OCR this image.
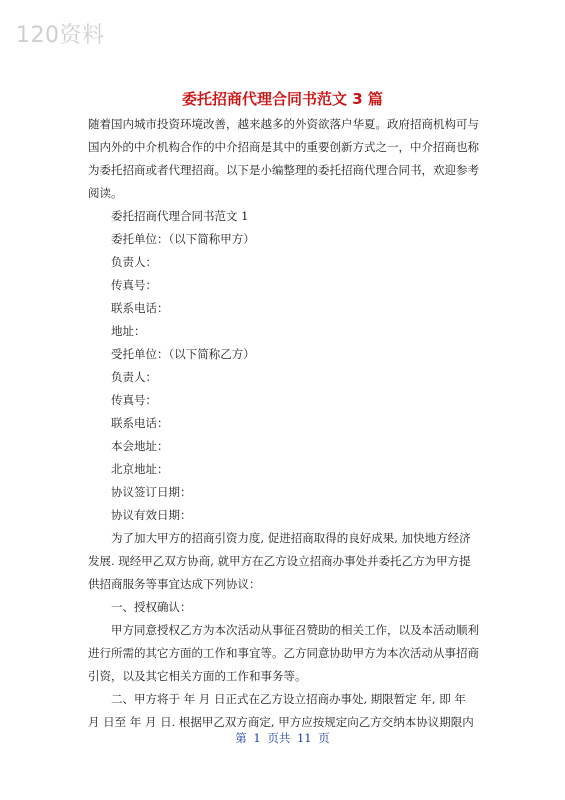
120资料
委托招商代理合同书范文 3 篇

随着国内城市投资环境改善，越来越多的外资欲落户华夏。政府招商机构可与国内外的中介机构合作的中介招商是其中的重要创新方式之一，中介招商也称为委托招商或者代理招商。以下是小编整理的委托招商代理合同书，欢迎参考阅读。

委托招商代理合同书范文 1

委托单位：（以下简称甲方）

负责人：

传真号：

联系电话：

地址：

受托单位：（以下简称乙方）

负责人：

传真号：

联系电话：

本会地址：

北京地址：

协议签订日期：

协议有效日期：

为了加大甲方的招商引资力度, 促进招商取得的良好成果, 加快地方经济发展. 现经甲乙双方协商, 就甲方在乙方设立招商办事处并委托乙方为甲方提供招商服务等事宜达成下列协议：

一、授权确认：

甲方同意授权乙方为本次活动从事征召赞助的相关工作，以及本活动顺利进行所需的其它方面的工作和事宜等。乙方同意协助甲方为本次活动从事招商引资，以及其它相关方面的工作和事务等。

二、甲方将于 年 月 日正式在乙方设立招商办事处, 期限暂定 年, 即 年 月 日至 年 月 日. 根据甲乙双方商定, 甲方应按规定向乙方交纳本协议期限内

第 1 页共 11 页
